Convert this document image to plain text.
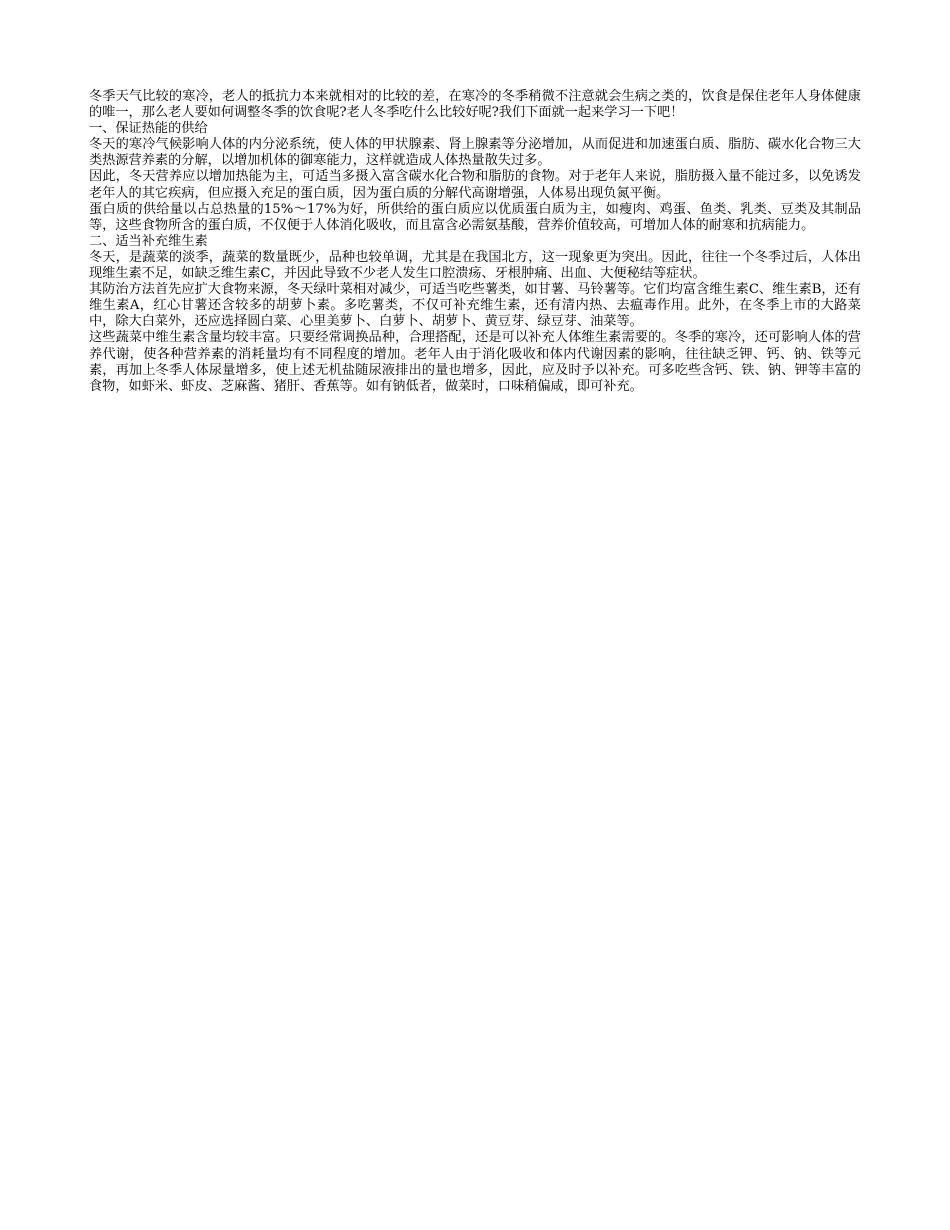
冬季天气比较的寒冷，老人的抵抗力本来就相对的比较的差，在寒冷的冬季稍微不注意就会生病之类的，饮食是保住老年人身体健康的唯一，那么老人要如何调整冬季的饮食呢?老人冬季吃什么比较好呢?我们下面就一起来学习一下吧！

一、保证热能的供给

冬天的寒冷气候影响人体的内分泌系统，使人体的甲状腺素、肾上腺素等分泌增加，从而促进和加速蛋白质、脂肪、碳水化合物三大类热源营养素的分解，以增加机体的御寒能力，这样就造成人体热量散失过多。

因此，冬天营养应以增加热能为主，可适当多摄入富含碳水化合物和脂肪的食物。对于老年人来说，脂肪摄入量不能过多，以免诱发老年人的其它疾病，但应摄入充足的蛋白质，因为蛋白质的分解代高谢增强，人体易出现负氮平衡。

蛋白质的供给量以占总热量的15%～17%为好，所供给的蛋白质应以优质蛋白质为主，如瘦肉、鸡蛋、鱼类、乳类、豆类及其制品等，这些食物所含的蛋白质，不仅便于人体消化吸收，而且富含必需氨基酸，营养价值较高，可增加人体的耐寒和抗病能力。

二、适当补充维生素

冬天，是蔬菜的淡季，蔬菜的数量既少，品种也较单调，尤其是在我国北方，这一现象更为突出。因此，往往一个冬季过后，人体出现维生素不足，如缺乏维生素C，并因此导致不少老人发生口腔溃疡、牙根肿痛、出血、大便秘结等症状。

其防治方法首先应扩大食物来源，冬天绿叶菜相对减少，可适当吃些薯类，如甘薯、马铃薯等。它们均富含维生素C、维生素B，还有维生素A，红心甘薯还含较多的胡萝卜素。多吃薯类，不仅可补充维生素，还有清内热、去瘟毒作用。此外，在冬季上市的大路菜中，除大白菜外，还应选择圆白菜、心里美萝卜、白萝卜、胡萝卜、黄豆芽、绿豆芽、油菜等。

这些蔬菜中维生素含量均较丰富。只要经常调换品种，合理搭配，还是可以补充人体维生素需要的。冬季的寒冷，还可影响人体的营养代谢，使各种营养素的消耗量均有不同程度的增加。老年人由于消化吸收和体内代谢因素的影响，往往缺乏钾、钙、钠、铁等元素，再加上冬季人体尿量增多，使上述无机盐随尿液排出的量也增多，因此，应及时予以补充。可多吃些含钙、铁、钠、钾等丰富的食物，如虾米、虾皮、芝麻酱、猪肝、香蕉等。如有钠低者，做菜时，口味稍偏咸，即可补充。
